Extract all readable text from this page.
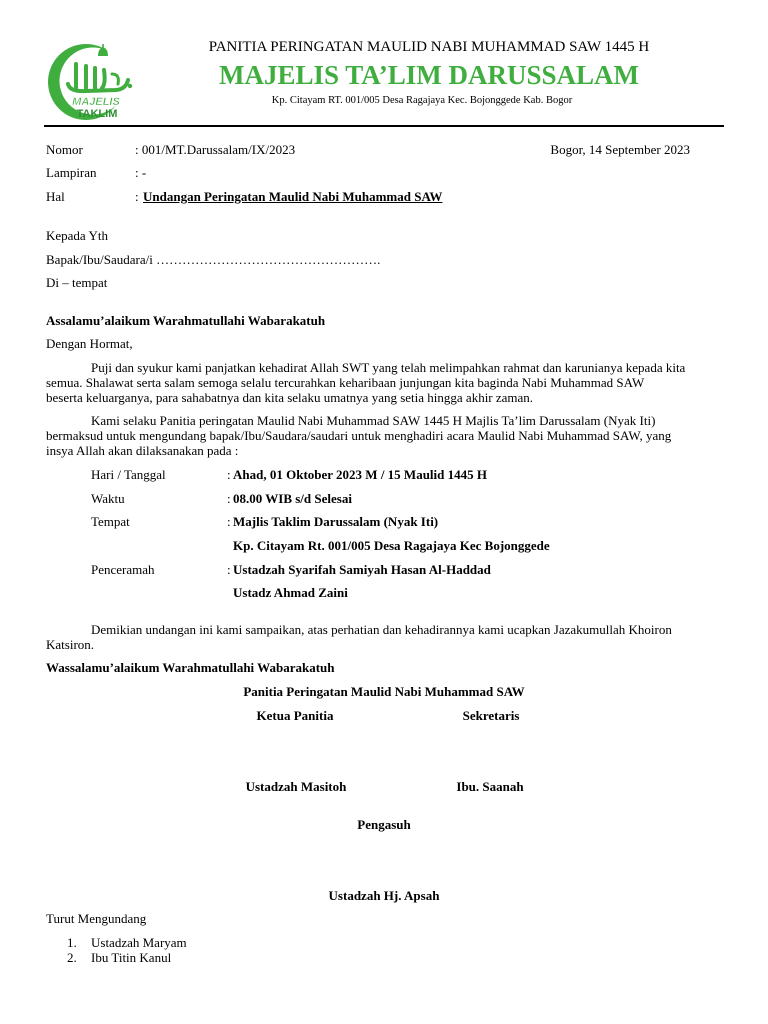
MAJELIS
TAKLIM
PANITIA PERINGATAN MAULID NABI MUHAMMAD SAW 1445 H
MAJELIS TA’LIM DARUSSALAM
Kp. Citayam RT. 001/005 Desa Ragajaya Kec. Bojonggede Kab. Bogor
Nomor	: 001/MT.Darussalam/IX/2023	Bogor, 14 September 2023
Lampiran	: -
Hal	: Undangan Peringatan Maulid Nabi Muhammad SAW
Kepada Yth
Bapak/Ibu/Saudara/i …………………………………………….
Di – tempat
Assalamu’alaikum Warahmatullahi Wabarakatuh
Dengan Hormat,
Puji dan syukur kami panjatkan kehadirat Allah SWT yang telah melimpahkan rahmat dan karunianya kepada kita
semua. Shalawat serta salam semoga selalu tercurahkan keharibaan junjungan kita baginda Nabi Muhammad SAW
beserta keluarganya, para sahabatnya dan kita selaku umatnya yang setia hingga akhir zaman.
Kami selaku Panitia peringatan Maulid Nabi Muhammad SAW 1445 H Majlis Ta’lim Darussalam (Nyak Iti)
bermaksud untuk mengundang bapak/Ibu/Saudara/saudari untuk menghadiri acara Maulid Nabi Muhammad SAW, yang
insya Allah akan dilaksanakan pada :
Hari / Tanggal	: Ahad, 01 Oktober 2023 M / 15 Maulid 1445 H
Waktu	: 08.00 WIB s/d Selesai
Tempat	: Majlis Taklim Darussalam (Nyak Iti)
Kp. Citayam Rt. 001/005 Desa Ragajaya Kec Bojonggede
Penceramah	: Ustadzah Syarifah Samiyah Hasan Al-Haddad
Ustadz Ahmad Zaini
Demikian undangan ini kami sampaikan, atas perhatian dan kehadirannya kami ucapkan Jazakumullah Khoiron
Katsiron.
Wassalamu’alaikum Warahmatullahi Wabarakatuh
Panitia Peringatan Maulid Nabi Muhammad SAW
Ketua Panitia	Sekretaris
Ustadzah Masitoh	Ibu. Saanah
Pengasuh
Ustadzah Hj. Apsah
Turut Mengundang
1. Ustadzah Maryam
2. Ibu Titin Kanul
